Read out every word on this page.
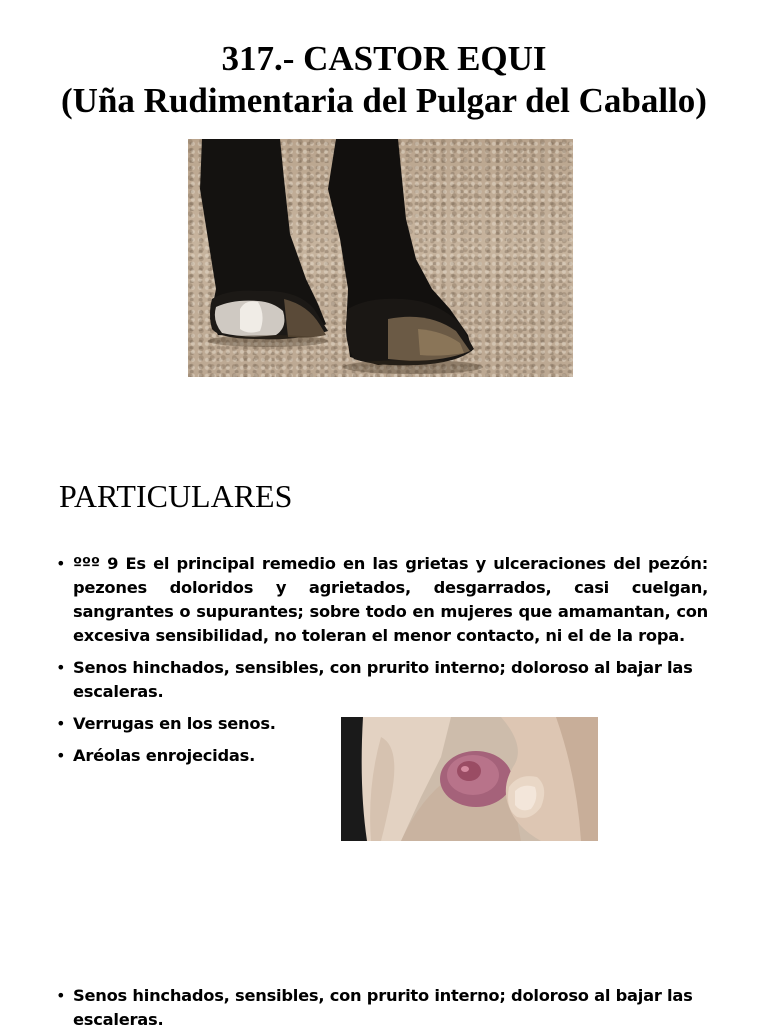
317.- CASTOR EQUI
(Uña Rudimentaria del Pulgar del Caballo)
PARTICULARES
• ººº 9 Es el principal remedio en las grietas y ulceraciones del pezón: pezones doloridos y agrietados, desgarrados, casi cuelgan, sangrantes o supurantes; sobre todo en mujeres que amamantan, con excesiva sensibilidad, no toleran el menor contacto, ni el de la ropa.
• Senos hinchados, sensibles, con prurito interno; doloroso al bajar las escaleras.
• Verrugas en los senos.
• Aréolas enrojecidas.
• Senos hinchados, sensibles, con prurito interno; doloroso al bajar las escaleras.
